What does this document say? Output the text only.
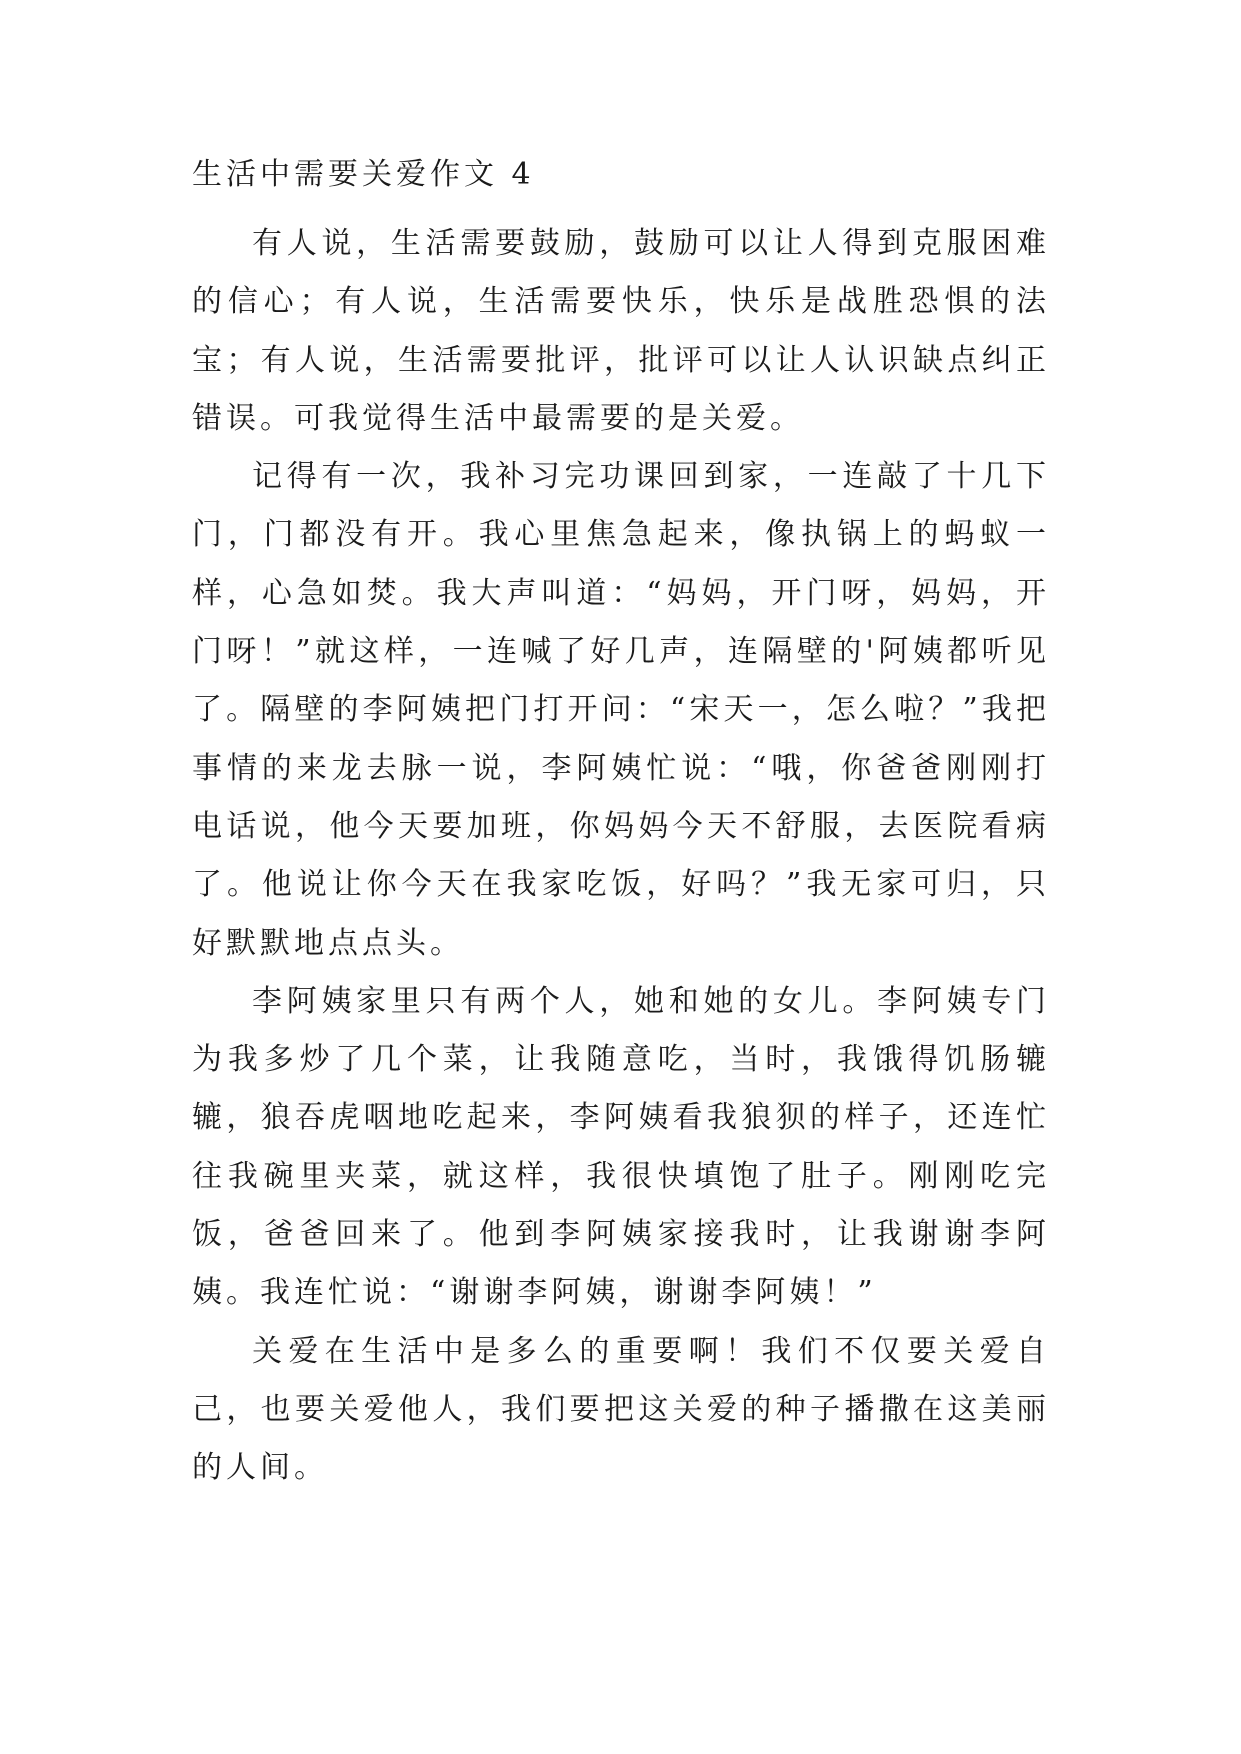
生活中需要关爱作文 4

有人说，生活需要鼓励，鼓励可以让人得到克服困难的信心；有人说，生活需要快乐，快乐是战胜恐惧的法宝；有人说，生活需要批评，批评可以让人认识缺点纠正错误。可我觉得生活中最需要的是关爱。

记得有一次，我补习完功课回到家，一连敲了十几下门，门都没有开。我心里焦急起来，像执锅上的蚂蚁一样，心急如焚。我大声叫道：“妈妈，开门呀，妈妈，开门呀！”就这样，一连喊了好几声，连隔壁的'阿姨都听见了。隔壁的李阿姨把门打开问：“宋天一，怎么啦？”我把事情的来龙去脉一说，李阿姨忙说：“哦，你爸爸刚刚打电话说，他今天要加班，你妈妈今天不舒服，去医院看病了。他说让你今天在我家吃饭，好吗？”我无家可归，只好默默地点点头。

李阿姨家里只有两个人，她和她的女儿。李阿姨专门为我多炒了几个菜，让我随意吃，当时，我饿得饥肠辘辘，狼吞虎咽地吃起来，李阿姨看我狼狈的样子，还连忙往我碗里夹菜，就这样，我很快填饱了肚子。刚刚吃完饭，爸爸回来了。他到李阿姨家接我时，让我谢谢李阿姨。我连忙说：“谢谢李阿姨，谢谢李阿姨！”

关爱在生活中是多么的重要啊！我们不仅要关爱自己，也要关爱他人，我们要把这关爱的种子播撒在这美丽的人间。
